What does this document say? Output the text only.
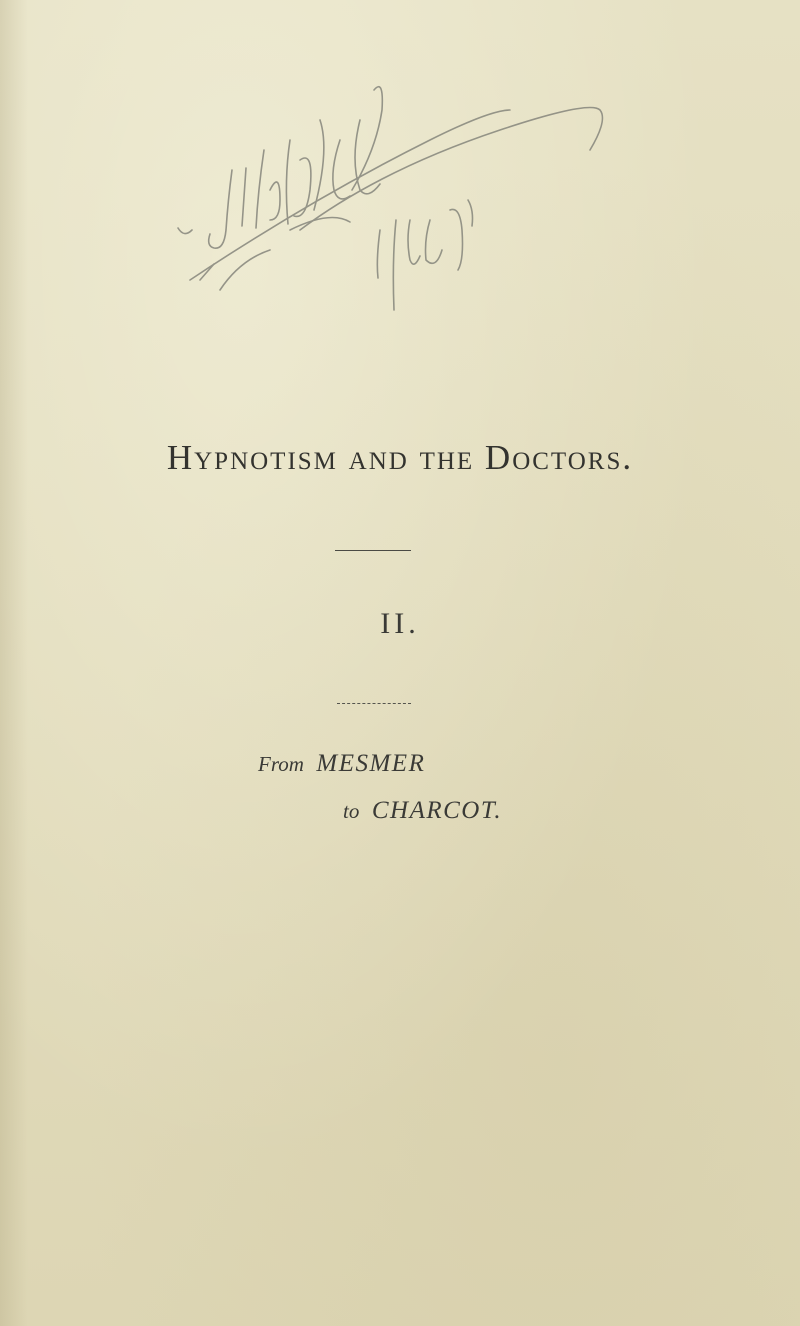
Hypnotism and the Doctors.
II.
From MESMER
to CHARCOT.
